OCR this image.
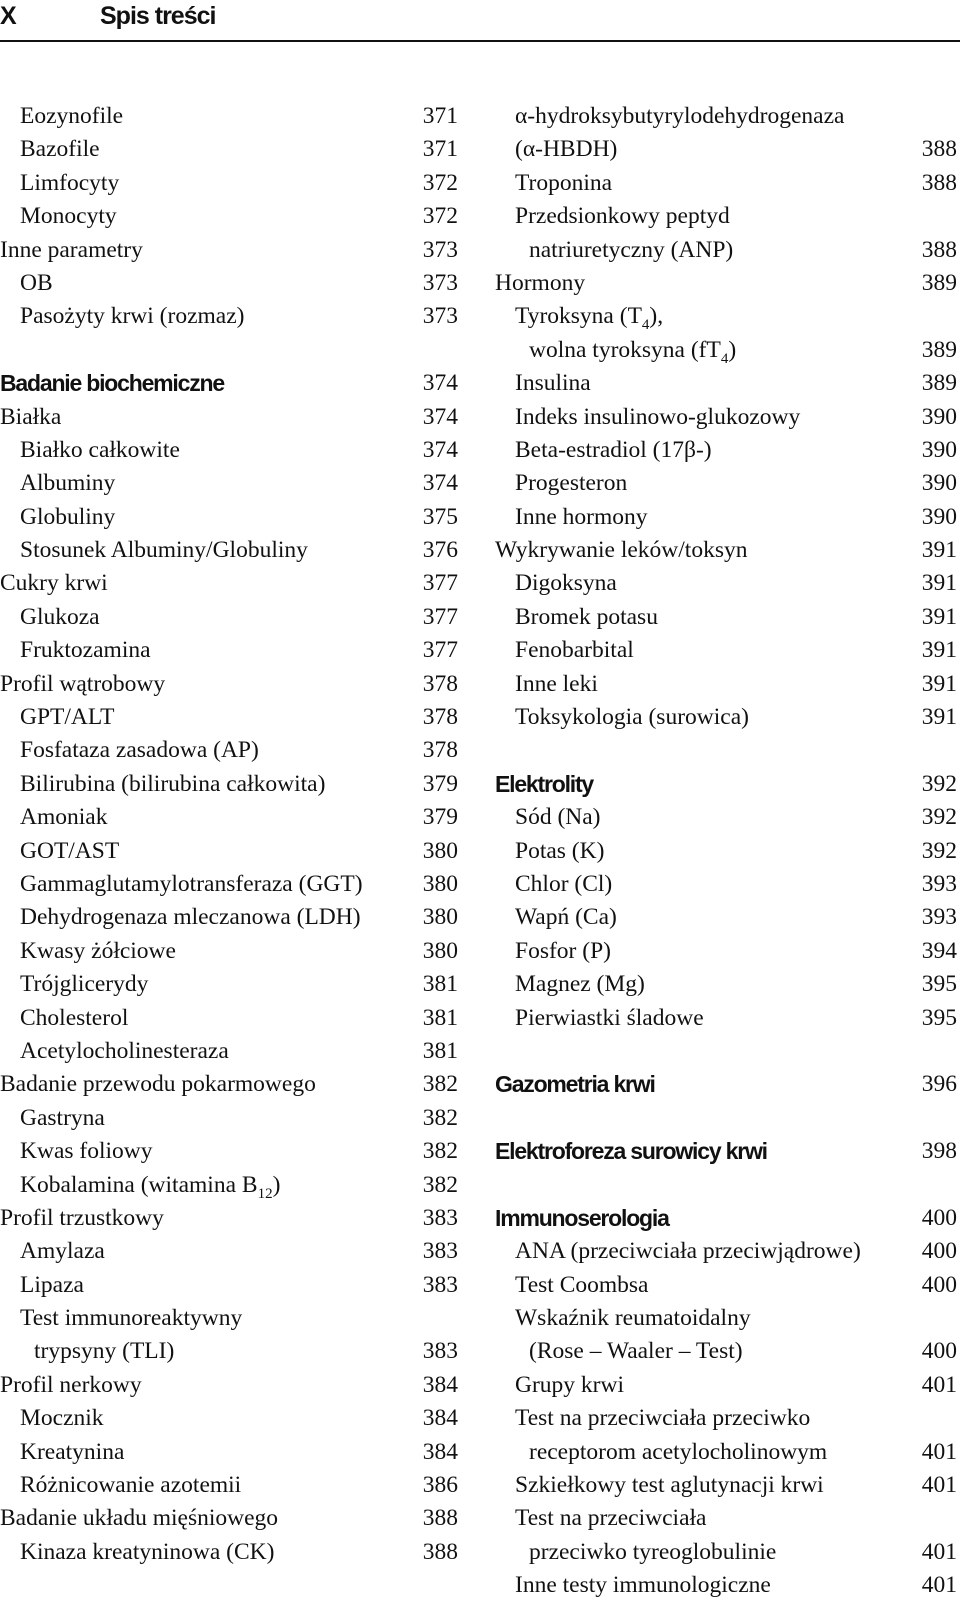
X	Spis treści
Eozynofile	371
Bazofile	371
Limfocyty	372
Monocyty	372
Inne parametry	373
OB	373
Pasożyty krwi (rozmaz)	373
Badanie biochemiczne	374
Białka	374
Białko całkowite	374
Albuminy	374
Globuliny	375
Stosunek Albuminy/Globuliny	376
Cukry krwi	377
Glukoza	377
Fruktozamina	377
Profil wątrobowy	378
GPT/ALT	378
Fosfataza zasadowa (AP)	378
Bilirubina (bilirubina całkowita)	379
Amoniak	379
GOT/AST	380
Gammaglutamylotransferaza (GGT)	380
Dehydrogenaza mleczanowa (LDH)	380
Kwasy żółciowe	380
Trójglicerydy	381
Cholesterol	381
Acetylocholinesteraza	381
Badanie przewodu pokarmowego	382
Gastryna	382
Kwas foliowy	382
Kobalamina (witamina $B_{12}$)	382
Profil trzustkowy	383
Amylaza	383
Lipaza	383
Test immunoreaktywny
trypsyny (TLI)	383
Profil nerkowy	384
Mocznik	384
Kreatynina	384
Różnicowanie azotemii	386
Badanie układu mięśniowego	388
Kinaza kreatyninowa (CK)	388
α-hydroksybutyrylodehydrogenaza
(α-HBDH)	388
Troponina	388
Przedsionkowy peptyd
natriuretyczny (ANP)	388
Hormony	389
Tyroksyna $(T_4)$,
wolna tyroksyna $(fT_4)$	389
Insulina	389
Indeks insulinowo-glukozowy	390
Beta-estradiol (17β-)	390
Progesteron	390
Inne hormony	390
Wykrywanie leków/toksyn	391
Digoksyna	391
Bromek potasu	391
Fenobarbital	391
Inne leki	391
Toksykologia (surowica)	391
Elektrolity	392
Sód (Na)	392
Potas (K)	392
Chlor (Cl)	393
Wapń (Ca)	393
Fosfor (P)	394
Magnez (Mg)	395
Pierwiastki śladowe	395
Gazometria krwi	396
Elektroforeza surowicy krwi	398
Immunoserologia	400
ANA (przeciwciała przeciwjądrowe)	400
Test Coombsa	400
Wskaźnik reumatoidalny
(Rose – Waaler – Test)	400
Grupy krwi	401
Test na przeciwciała przeciwko
receptorom acetylocholinowym	401
Szkiełkowy test aglutynacji krwi	401
Test na przeciwciała
przeciwko tyreoglobulinie	401
Inne testy immunologiczne	401
